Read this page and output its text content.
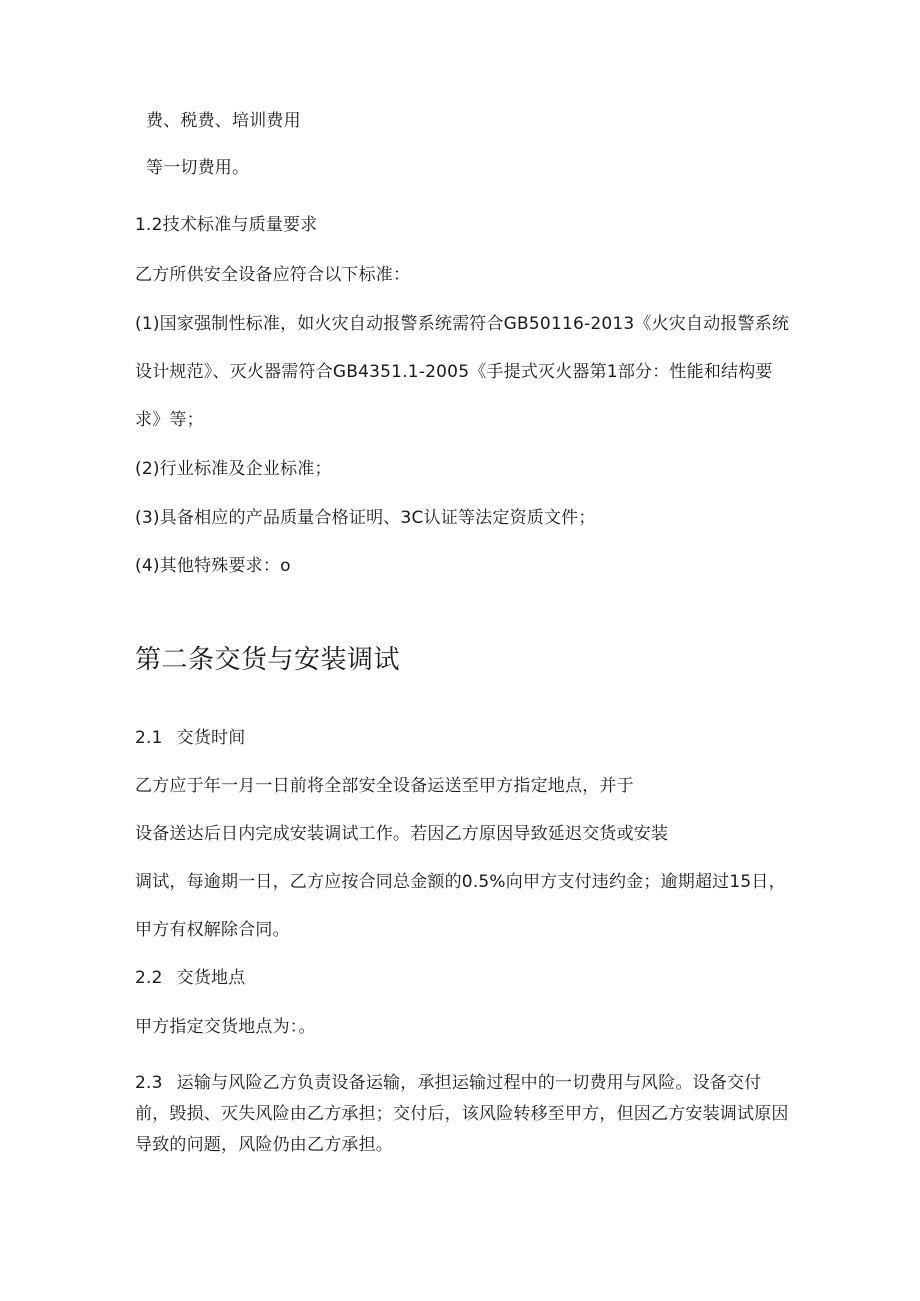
费、税费、培训费用
等一切费用。
1.2技术标准与质量要求
乙方所供安全设备应符合以下标准：
(1)国家强制性标准，如火灾自动报警系统需符合GB50116-2013《火灾自动报警系统
设计规范》、灭火器需符合GB4351.1-2005《手提式灭火器第1部分：性能和结构要
求》等；
(2)行业标准及企业标准；
(3)具备相应的产品质量合格证明、3C认证等法定资质文件；
(4)其他特殊要求：o
第二条交货与安装调试
2.1 交货时间
乙方应于年一月一日前将全部安全设备运送至甲方指定地点，并于
设备送达后日内完成安装调试工作。若因乙方原因导致延迟交货或安装
调试，每逾期一日，乙方应按合同总金额的0.5%向甲方支付违约金；逾期超过15日，
甲方有权解除合同。
2.2 交货地点
甲方指定交货地点为：。
2.3 运输与风险乙方负责设备运输，承担运输过程中的一切费用与风险。设备交付
前，毁损、灭失风险由乙方承担；交付后，该风险转移至甲方，但因乙方安装调试原因
导致的问题，风险仍由乙方承担。
